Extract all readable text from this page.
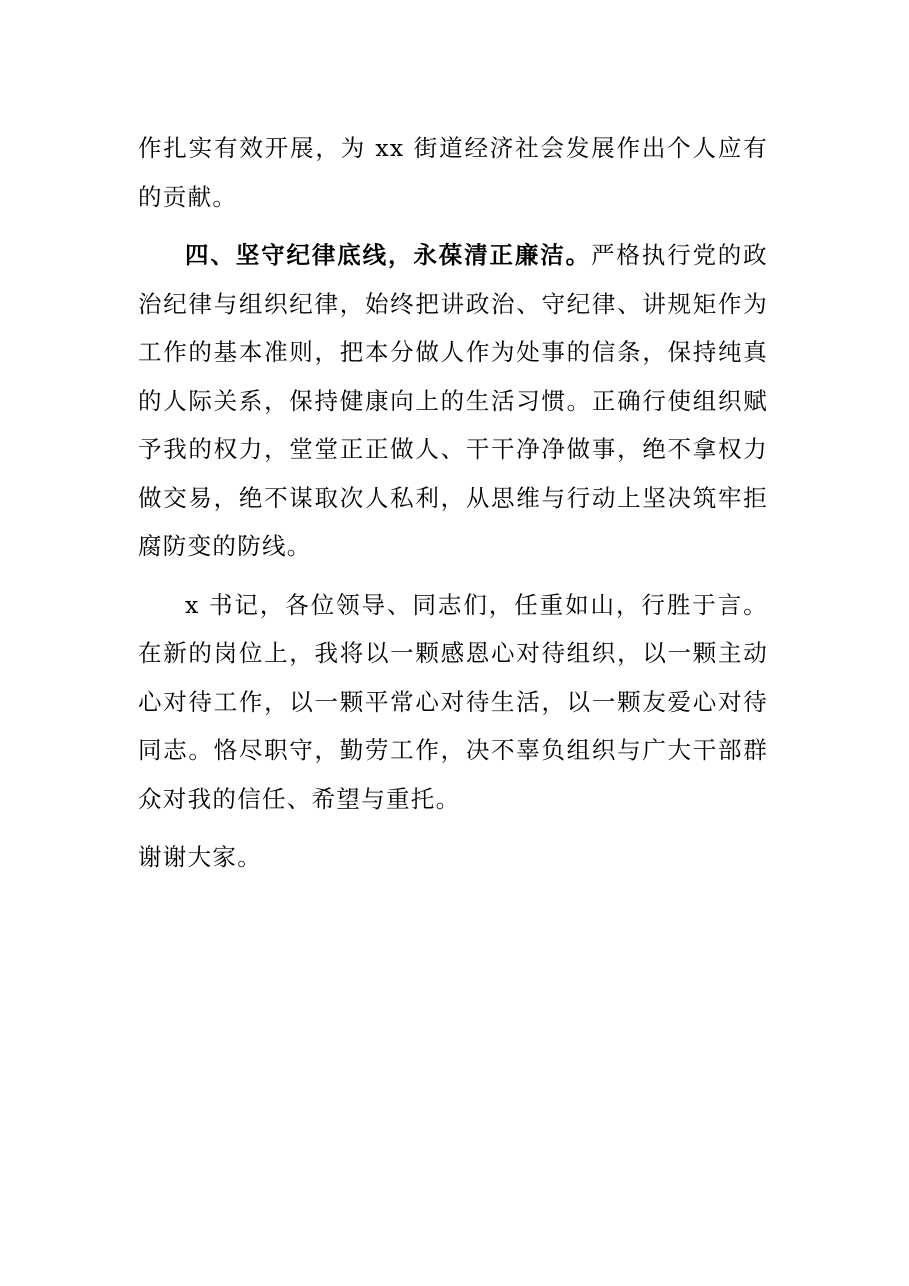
作扎实有效开展，为 xx 街道经济社会发展作出个人应有的贡献。

四、坚守纪律底线，永葆清正廉洁。严格执行党的政治纪律与组织纪律，始终把讲政治、守纪律、讲规矩作为工作的基本准则，把本分做人作为处事的信条，保持纯真的人际关系，保持健康向上的生活习惯。正确行使组织赋予我的权力，堂堂正正做人、干干净净做事，绝不拿权力做交易，绝不谋取次人私利，从思维与行动上坚决筑牢拒腐防变的防线。

x 书记，各位领导、同志们，任重如山，行胜于言。在新的岗位上，我将以一颗感恩心对待组织，以一颗主动心对待工作，以一颗平常心对待生活，以一颗友爱心对待同志。恪尽职守，勤劳工作，决不辜负组织与广大干部群众对我的信任、希望与重托。

谢谢大家。
